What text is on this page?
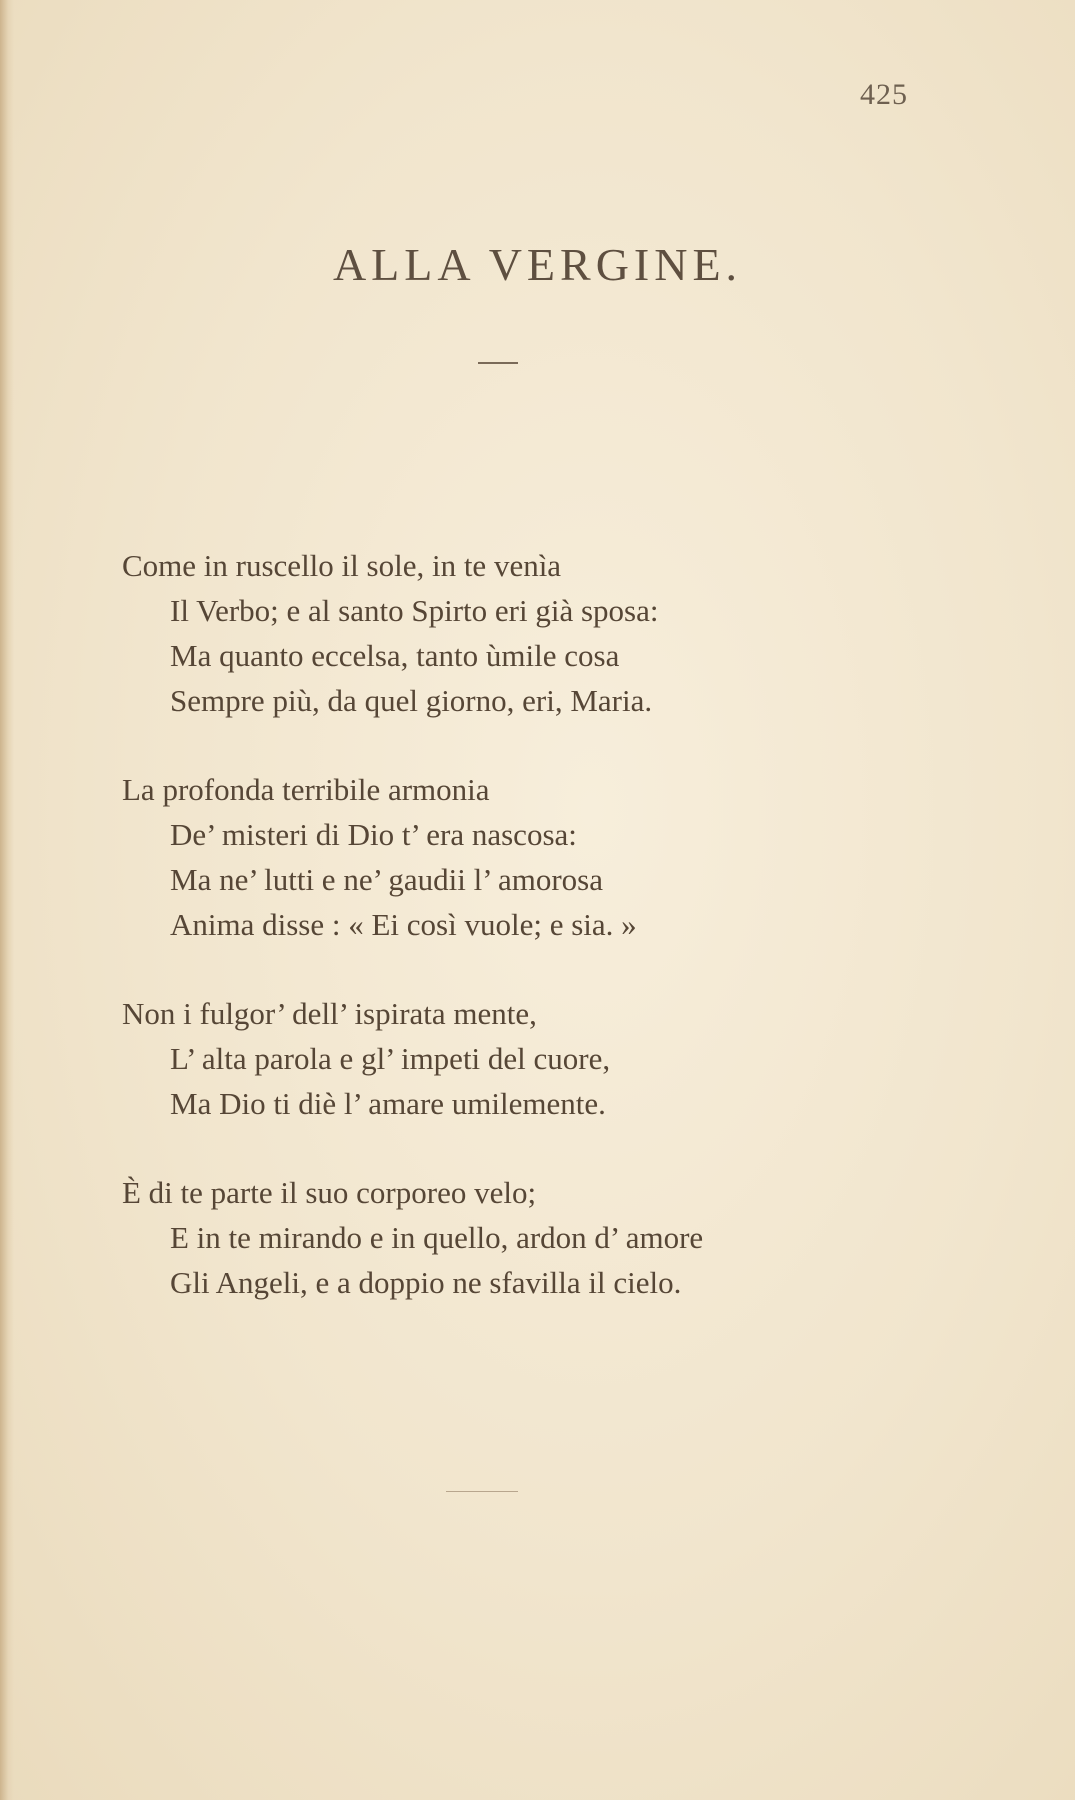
425
ALLA VERGINE.
Come in ruscello il sole, in te venìa
Il Verbo; e al santo Spirto eri già sposa:
Ma quanto eccelsa, tanto ùmile cosa
Sempre più, da quel giorno, eri, Maria.
La profonda terribile armonia
De’ misteri di Dio t’ era nascosa:
Ma ne’ lutti e ne’ gaudii l’ amorosa
Anima disse : « Ei così vuole; e sia. »
Non i fulgor’ dell’ ispirata mente,
L’ alta parola e gl’ impeti del cuore,
Ma Dio ti diè l’ amare umilemente.
È di te parte il suo corporeo velo;
E in te mirando e in quello, ardon d’ amore
Gli Angeli, e a doppio ne sfavilla il cielo.
